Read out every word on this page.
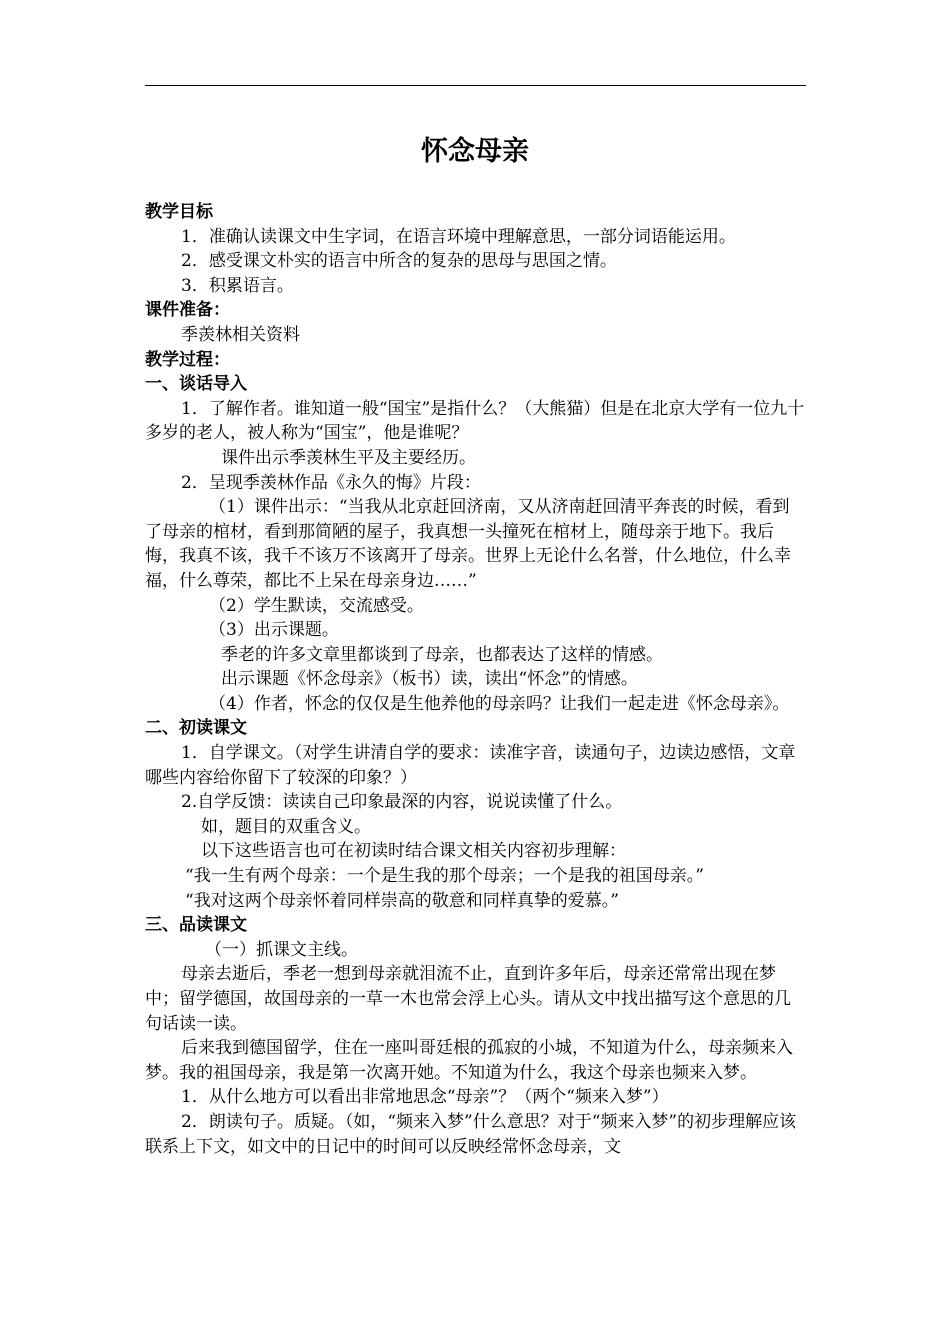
怀念母亲

教学目标

1．准确认读课文中生字词，在语言环境中理解意思，一部分词语能运用。

2．感受课文朴实的语言中所含的复杂的思母与思国之情。

3．积累语言。

课件准备：

季羡林相关资料

教学过程：

一、谈话导入

1．了解作者。谁知道一般“国宝”是指什么？（大熊猫）但是在北京大学有一位九十多岁的老人，被人称为“国宝”，他是谁呢？

课件出示季羡林生平及主要经历。

2．呈现季羡林作品《永久的悔》片段：

（1）课件出示：“当我从北京赶回济南，又从济南赶回清平奔丧的时候，看到了母亲的棺材，看到那简陋的屋子，我真想一头撞死在棺材上，随母亲于地下。我后悔，我真不该，我千不该万不该离开了母亲。世界上无论什么名誉，什么地位，什么幸福，什么尊荣，都比不上呆在母亲身边……”

（2）学生默读，交流感受。

（3）出示课题。

季老的许多文章里都谈到了母亲，也都表达了这样的情感。

出示课题《怀念母亲》（板书）读，读出“怀念”的情感。

（4）作者，怀念的仅仅是生他养他的母亲吗？让我们一起走进《怀念母亲》。

二、初读课文

1．自学课文。（对学生讲清自学的要求：读准字音，读通句子，边读边感悟，文章哪些内容给你留下了较深的印象？）

2.自学反馈：读读自己印象最深的内容，说说读懂了什么。

如，题目的双重含义。

以下这些语言也可在初读时结合课文相关内容初步理解：

“我一生有两个母亲：一个是生我的那个母亲；一个是我的祖国母亲。”

“我对这两个母亲怀着同样崇高的敬意和同样真挚的爱慕。”

三、品读课文

（一）抓课文主线。

母亲去逝后，季老一想到母亲就泪流不止，直到许多年后，母亲还常常出现在梦中；留学德国，故国母亲的一草一木也常会浮上心头。请从文中找出描写这个意思的几句话读一读。

后来我到德国留学，住在一座叫哥廷根的孤寂的小城，不知道为什么，母亲频来入梦。我的祖国母亲，我是第一次离开她。不知道为什么，我这个母亲也频来入梦。

1．从什么地方可以看出非常地思念“母亲”？（两个“频来入梦”）

2．朗读句子。质疑。（如，“频来入梦”什么意思？对于“频来入梦”的初步理解应该联系上下文，如文中的日记中的时间可以反映经常怀念母亲，文
